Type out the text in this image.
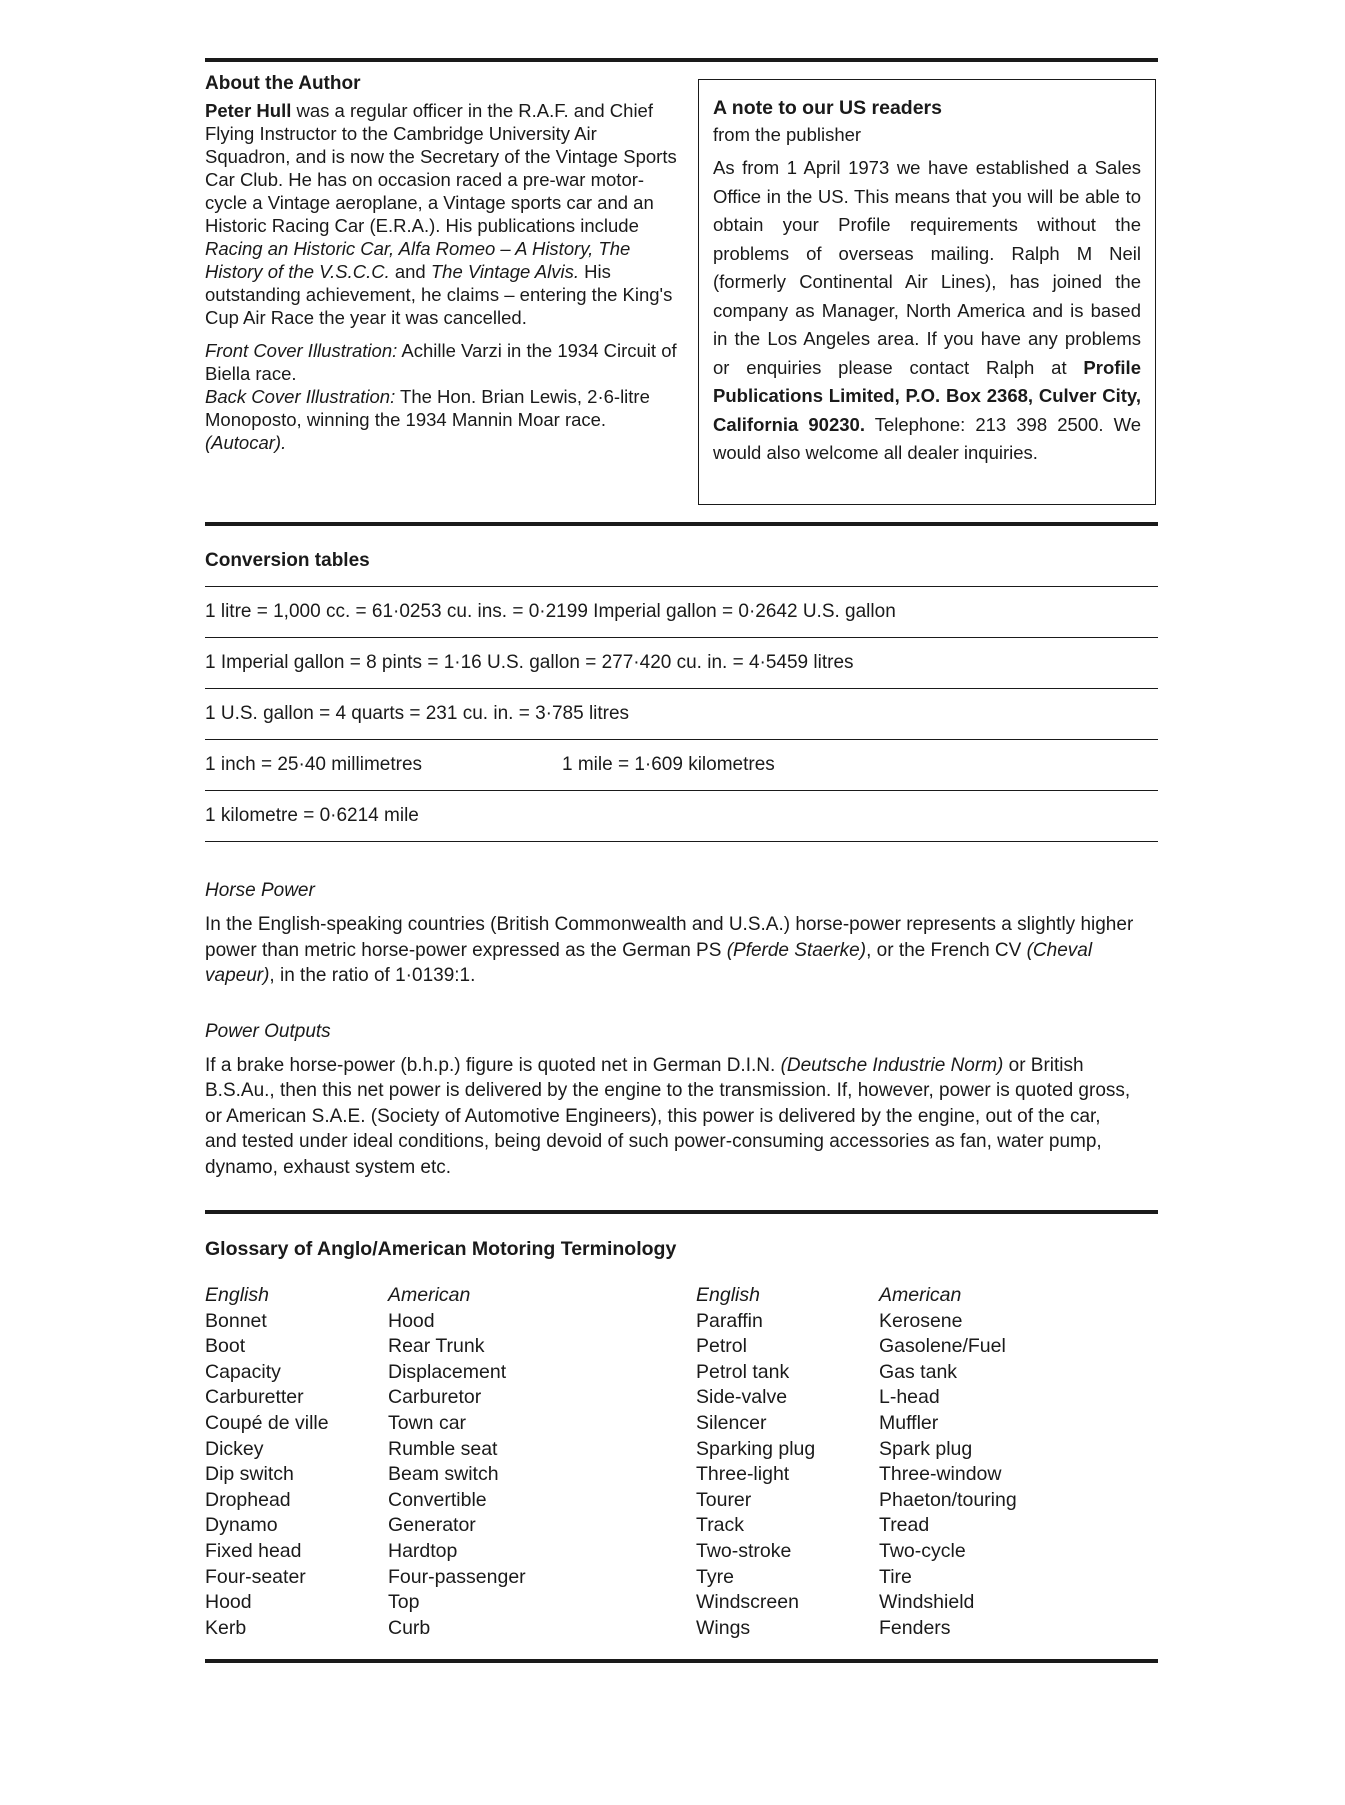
About the Author

Peter Hull was a regular officer in the R.A.F. and Chief Flying Instructor to the Cambridge University Air Squadron, and is now the Secretary of the Vintage Sports Car Club. He has on occasion raced a pre-war motor-cycle a Vintage aeroplane, a Vintage sports car and an Historic Racing Car (E.R.A.). His publications include Racing an Historic Car, Alfa Romeo – A History, The History of the V.S.C.C. and The Vintage Alvis. His outstanding achievement, he claims – entering the King's Cup Air Race the year it was cancelled.

Front Cover Illustration: Achille Varzi in the 1934 Circuit of Biella race.

Back Cover Illustration: The Hon. Brian Lewis, 2·6-litre Monoposto, winning the 1934 Mannin Moar race. (Autocar).

A note to our US readers

from the publisher

As from 1 April 1973 we have established a Sales Office in the US. This means that you will be able to obtain your Profile requirements without the problems of overseas mailing. Ralph M Neil (formerly Continental Air Lines), has joined the company as Manager, North America and is based in the Los Angeles area. If you have any problems or enquiries please contact Ralph at Profile Publications Limited, P.O. Box 2368, Culver City, California 90230. Telephone: 213 398 2500. We would also welcome all dealer inquiries.

Conversion tables
1 litre = 1,000 cc. = 61·0253 cu. ins. = 0·2199 Imperial gallon = 0·2642 U.S. gallon
1 Imperial gallon = 8 pints = 1·16 U.S. gallon = 277·420 cu. in. = 4·5459 litres
1 U.S. gallon = 4 quarts = 231 cu. in. = 3·785 litres
1 inch = 25·40 millimetres	1 mile = 1·609 kilometres
1 kilometre = 0·6214 mile
Horse Power

In the English-speaking countries (British Commonwealth and U.S.A.) horse-power represents a slightly higher power than metric horse-power expressed as the German PS (Pferde Staerke), or the French CV (Cheval vapeur), in the ratio of 1·0139:1.

Power Outputs

If a brake horse-power (b.h.p.) figure is quoted net in German D.I.N. (Deutsche Industrie Norm) or British B.S.Au., then this net power is delivered by the engine to the transmission. If, however, power is quoted gross, or American S.A.E. (Society of Automotive Engineers), this power is delivered by the engine, out of the car, and tested under ideal conditions, being devoid of such power-consuming accessories as fan, water pump, dynamo, exhaust system etc.

Glossary of Anglo/American Motoring Terminology
English
Bonnet
Boot
Capacity
Carburetter
Coupé de ville
Dickey
Dip switch
Drophead
Dynamo
Fixed head
Four-seater
Hood
Kerb
American
Hood
Rear Trunk
Displacement
Carburetor
Town car
Rumble seat
Beam switch
Convertible
Generator
Hardtop
Four-passenger
Top
Curb
English
Paraffin
Petrol
Petrol tank
Side-valve
Silencer
Sparking plug
Three-light
Tourer
Track
Two-stroke
Tyre
Windscreen
Wings
American
Kerosene
Gasolene/Fuel
Gas tank
L-head
Muffler
Spark plug
Three-window
Phaeton/touring
Tread
Two-cycle
Tire
Windshield
Fenders
